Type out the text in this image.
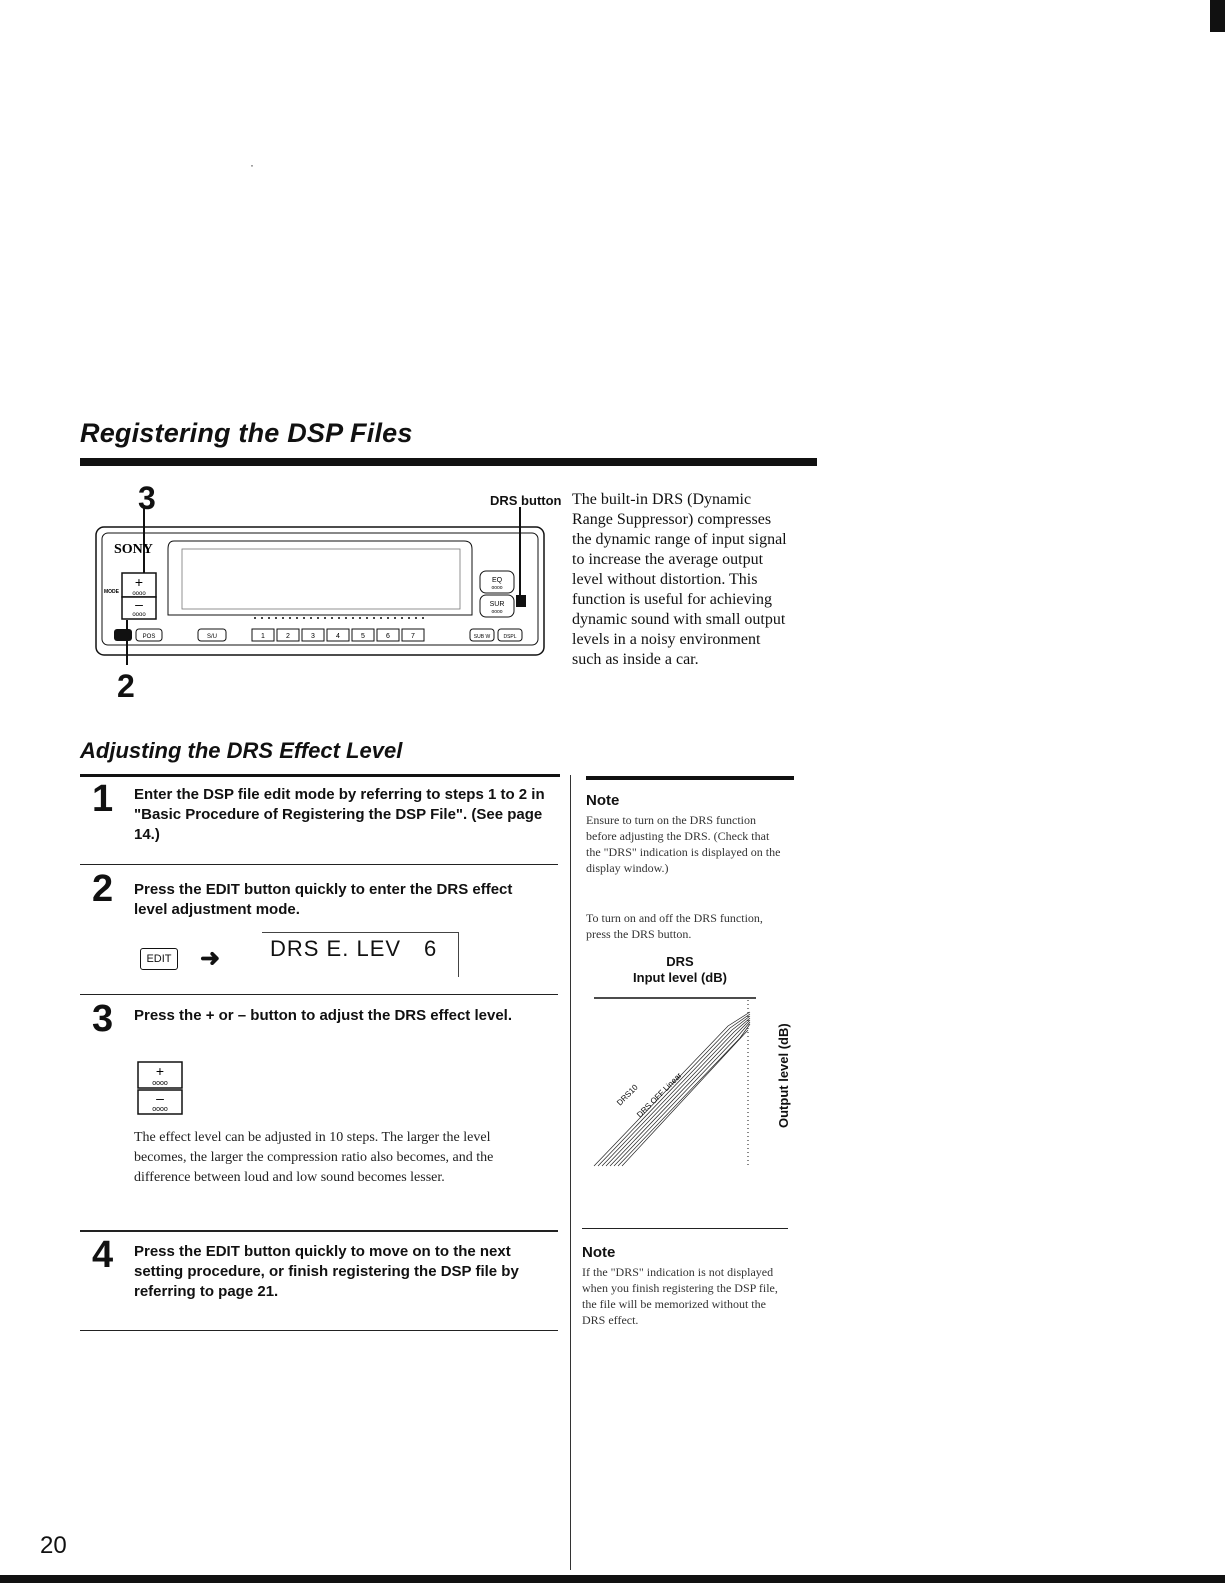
·
Registering the DSP Files
3
2
DRS button
SONY
+
oooo
–
oooo
MODE
EQ
oooo
SUR
oooo
POS	S/U	1	2	3	4	5	6	7	SUB W	DSPL
The built-in DRS (Dynamic Range Suppressor) compresses the dynamic range of input signal to increase the average output level without distortion. This function is useful for achieving dynamic sound with small output levels in a noisy environment such as inside a car.
Adjusting the DRS Effect Level
1 Enter the DSP file edit mode by referring to steps 1 to 2 in "Basic Procedure of Registering the DSP File". (See page 14.)
2 Press the EDIT button quickly to enter the DRS effect level adjustment mode.
EDIT ➜ DRS E. LEV 6
3 Press the + or – button to adjust the DRS effect level.
+
oooo
–
oooo
The effect level can be adjusted in 10 steps. The larger the level becomes, the larger the compression ratio also becomes, and the difference between loud and low sound becomes lesser.
4 Press the EDIT button quickly to move on to the next setting procedure, or finish registering the DSP file by referring to page 21.
Note
Ensure to turn on the DRS function before adjusting the DRS. (Check that the "DRS" indication is displayed on the display window.)
To turn on and off the DRS function, press the DRS button.
DRS
Input level (dB)
DRS10
DRS OFF Linear	Output level (dB)
Note
If the "DRS" indication is not displayed when you finish registering the DSP file, the file will be memorized without the DRS effect.
20
